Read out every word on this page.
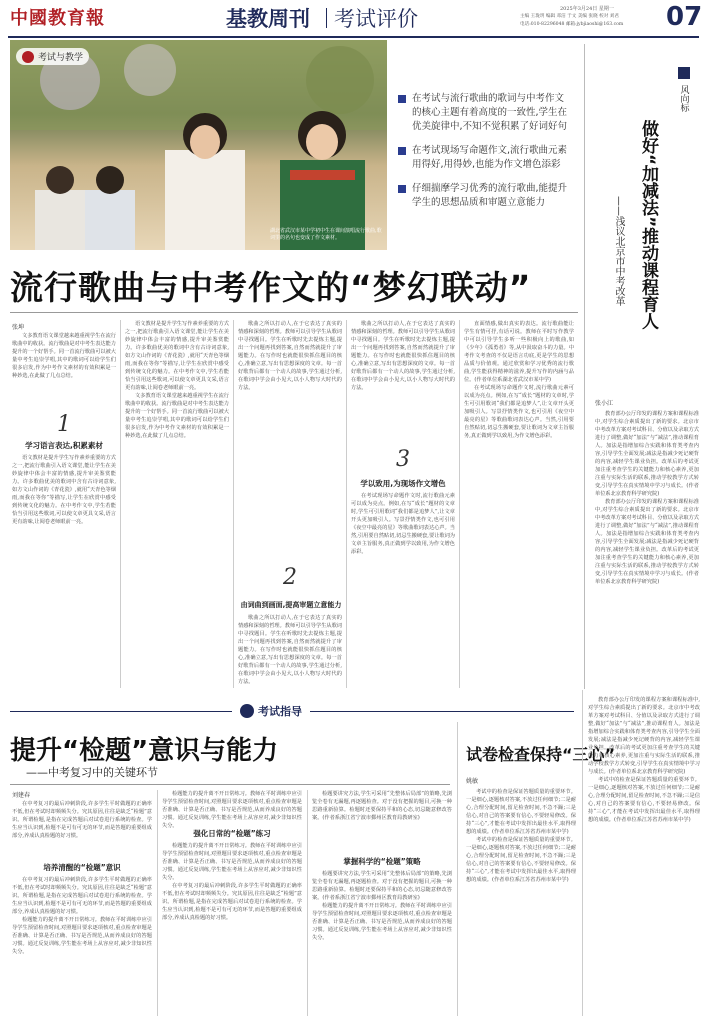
中國教育報	基教周刊 考试评价	2025年3月24日 星期一
主编 王珑玥 编辑 邓洁 于文 美编 张晓 校对 刘君
电话:010-82296048 邮箱:jybjiaoshi@163.com 07
考试与教学
湖北省武汉市某中学初中生在课间演唱流行歌曲,歌词里的名句也变成了作文素材。
在考试与流行歌曲的歌词与中考作文的核心主题有着高度的一致性,学生在优美旋律中,不知不觉积累了好词好句
在考试现场写命题作文,流行歌曲元素用得好,用得妙,也能为作文增色添彩
仔细揣摩学习优秀的流行歌曲,能提升学生的思想品质和审题立意能力
流行歌曲与中考作文的“梦幻联动”
张坤

文多教育语文课堂越来越重视学生在流行歌曲中的收获。流行歌曲是对中考生表达能力提升的一个好帮手。同一首流行歌曲可以被大量中考生追崇学唱,其中的歌词可以给学生们很多启发,作为中考作文素材的有效积累是一种妙选,在此做了几点总结。

1
学习语言表达,积累素材

语文教材是提升学生写作素养重要的方式之一,把流行歌曲引入语文课堂,能让学生在美妙旋律中体会丰富的情感,提升审美鉴赏能力。许多歌曲优美的歌词中含有古诗词意象,如方文山作词的《青花瓷》,就用“天青色等烟雨,而我在等你”等描写,让学生在欣赏中感受到传统文化的魅力。在中考作文中,学生若能恰当引用这些歌词,可以使文章更具文采,语言更有韵味,让阅卷老师眼前一亮。

语文教材是提升学生写作素养重要的方式之一,把流行歌曲引入语文课堂,能让学生在美妙旋律中体会丰富的情感,提升审美鉴赏能力。许多歌曲优美的歌词中含有古诗词意象,如方文山作词的《青花瓷》,就用“天青色等烟雨,而我在等你”等描写,让学生在欣赏中感受到传统文化的魅力。在中考作文中,学生若能恰当引用这些歌词,可以使文章更具文采,语言更有韵味,让阅卷老师眼前一亮。

文多教育语文课堂越来越重视学生在流行歌曲中的收获。流行歌曲是对中考生表达能力提升的一个好帮手。同一首流行歌曲可以被大量中考生追崇学唱,其中的歌词可以给学生们很多启发,作为中考作文素材的有效积累是一种妙选,在此做了几点总结。

歌曲之所以打动人,在于它表达了真实的情感和深刻的哲理。教师可以引导学生从歌词中寻找题目。学生在听歌时先去提炼主题,提出一个问题再找到答案,自然而然就提升了审题能力。在写作时也就能很快抓住题目的核心,准确立意,写出有思想深度的文章。每一首好歌背后都有一个动人的故事,学生通过分析,在歌词中学会由小见大,以小人物写大时代的方法。

2
由词曲到画面,提高审题立意能力

歌曲之所以打动人,在于它表达了真实的情感和深刻的哲理。教师可以引导学生从歌词中寻找题目。学生在听歌时先去提炼主题,提出一个问题再找到答案,自然而然就提升了审题能力。在写作时也就能很快抓住题目的核心,准确立意,写出有思想深度的文章。每一首好歌背后都有一个动人的故事,学生通过分析,在歌词中学会由小见大,以小人物写大时代的方法。

歌曲之所以打动人,在于它表达了真实的情感和深刻的哲理。教师可以引导学生从歌词中寻找题目。学生在听歌时先去提炼主题,提出一个问题再找到答案,自然而然就提升了审题能力。在写作时也就能很快抓住题目的核心,准确立意,写出有思想深度的文章。每一首好歌背后都有一个动人的故事,学生通过分析,在歌词中学会由小见大,以小人物写大时代的方法。

3
学以致用,为现场作文增色

在考试现场写命题作文时,流行歌曲元素可以成为亮点。例如,在写“成长”题材的文章时,学生可引用歌词“我们都是追梦人”,让文章开头更加吸引人。写景抒情类作文,也可引用《夜空中最亮的星》等歌曲歌词表达心声。当然,引用要自然贴切,切忌生搬硬套,要让歌词为文章主旨服务,真正做到学以致用,为作文增色添彩。

直面情感,做出真实的表达。流行歌曲能让学生有情可抒,有话可说。教师在平时写作教学中可以引导学生多听一些积极向上的歌曲,如《少年》《孤勇者》等,从中汲取奋斗的力量。中考作文考查的不仅是语言功底,更是学生的思想品质与价值观。通过欣赏和学习优秀的流行歌曲,学生能获得精神的滋养,提升写作的内涵与品位。(作者单位系湖北省武汉市某中学)

在考试现场写命题作文时,流行歌曲元素可以成为亮点。例如,在写“成长”题材的文章时,学生可引用歌词“我们都是追梦人”,让文章开头更加吸引人。写景抒情类作文,也可引用《夜空中最亮的星》等歌曲歌词表达心声。当然,引用要自然贴切,切忌生搬硬套,要让歌词为文章主旨服务,真正做到学以致用,为作文增色添彩。

风向标
做好“加减法”推动课程育人
——浅议北京市中考改革
张小江

教育部办公厅印发的课程方案和课程标准中,对学生综合素质提出了新的要求。北京市中考改革方案对考试科目、分值以及录取方式进行了调整,做好“加法”与“减法”,推动课程育人。加法是指增加综合实践和体育类考查内容,引导学生全面发展;减法是指减少死记硬背的内容,减轻学生课业负担。改革后的考试更加注重考查学生的关键能力和核心素养,更加注重与实际生活的联系,推动学校教学方式转变,引导学生在真实情境中学习与成长。(作者单位系北京教育科学研究院)

教育部办公厅印发的课程方案和课程标准中,对学生综合素质提出了新的要求。北京市中考改革方案对考试科目、分值以及录取方式进行了调整,做好“加法”与“减法”,推动课程育人。加法是指增加综合实践和体育类考查内容,引导学生全面发展;减法是指减少死记硬背的内容,减轻学生课业负担。改革后的考试更加注重考查学生的关键能力和核心素养,更加注重与实际生活的联系,推动学校教学方式转变,引导学生在真实情境中学习与成长。(作者单位系北京教育科学研究院)

考试指导
提升“检题”意识与能力
——中考复习中的关键环节
刘建春

在中考复习的最后冲刺阶段,许多学生平时做题的正确率不低,但在考试时却频频失分。究其原因,往往是缺乏“检题”意识。所谓检题,是指在完成答题后对试卷进行系统的检查。学生应当认识到,检题不是可有可无的环节,而是答题的重要组成部分,养成认真检题的好习惯。

培养清醒的“检题”意识

在中考复习的最后冲刺阶段,许多学生平时做题的正确率不低,但在考试时却频频失分。究其原因,往往是缺乏“检题”意识。所谓检题,是指在完成答题后对试卷进行系统的检查。学生应当认识到,检题不是可有可无的环节,而是答题的重要组成部分,养成认真检题的好习惯。

检题能力的提升离不开日常练习。教师在平时训练中应引导学生预留检查时间,对照题目要求逐项核对,重点检查审题是否准确、计算是否正确、书写是否规范,从而养成良好的答题习惯。通过反复训练,学生能在考场上从容应对,减少非知识性失分。

检题能力的提升离不开日常练习。教师在平时训练中应引导学生预留检查时间,对照题目要求逐项核对,重点检查审题是否准确、计算是否正确、书写是否规范,从而养成良好的答题习惯。通过反复训练,学生能在考场上从容应对,减少非知识性失分。

强化日常的“检题”练习

检题能力的提升离不开日常练习。教师在平时训练中应引导学生预留检查时间,对照题目要求逐项核对,重点检查审题是否准确、计算是否正确、书写是否规范,从而养成良好的答题习惯。通过反复训练,学生能在考场上从容应对,减少非知识性失分。

在中考复习的最后冲刺阶段,许多学生平时做题的正确率不低,但在考试时却频频失分。究其原因,往往是缺乏“检题”意识。所谓检题,是指在完成答题后对试卷进行系统的检查。学生应当认识到,检题不是可有可无的环节,而是答题的重要组成部分,养成认真检题的好习惯。

检题要讲究方法,学生可采用“先整体后局部”的策略,先浏览全卷有无漏题,再逐题检查。对于没有把握的题目,可换一种思路重新验算。检题时还要保持平和的心态,切忌随意修改答案。(作者系浙江省宁波市鄞州区教育局教研室)

掌握科学的“检题”策略

检题要讲究方法,学生可采用“先整体后局部”的策略,先浏览全卷有无漏题,再逐题检查。对于没有把握的题目,可换一种思路重新验算。检题时还要保持平和的心态,切忌随意修改答案。(作者系浙江省宁波市鄞州区教育局教研室)

检题能力的提升离不开日常练习。教师在平时训练中应引导学生预留检查时间,对照题目要求逐项核对,重点检查审题是否准确、计算是否正确、书写是否规范,从而养成良好的答题习惯。通过反复训练,学生能在考场上从容应对,减少非知识性失分。

试卷检查保持“三心”
姚敏

考试中的检查是保证答题质量的重要环节。一是细心,逐题核对答案,不放过任何细节;二是耐心,合理分配时间,留足检查时间,不急不躁;三是信心,对自己的答案要有信心,不要轻易修改。保持“三心”,才能在考试中发挥出最佳水平,取得理想的成绩。(作者单位系江苏省苏州市某中学)

考试中的检查是保证答题质量的重要环节。一是细心,逐题核对答案,不放过任何细节;二是耐心,合理分配时间,留足检查时间,不急不躁;三是信心,对自己的答案要有信心,不要轻易修改。保持“三心”,才能在考试中发挥出最佳水平,取得理想的成绩。(作者单位系江苏省苏州市某中学)

教育部办公厅印发的课程方案和课程标准中,对学生综合素质提出了新的要求。北京市中考改革方案对考试科目、分值以及录取方式进行了调整,做好“加法”与“减法”,推动课程育人。加法是指增加综合实践和体育类考查内容,引导学生全面发展;减法是指减少死记硬背的内容,减轻学生课业负担。改革后的考试更加注重考查学生的关键能力和核心素养,更加注重与实际生活的联系,推动学校教学方式转变,引导学生在真实情境中学习与成长。(作者单位系北京教育科学研究院)

考试中的检查是保证答题质量的重要环节。一是细心,逐题核对答案,不放过任何细节;二是耐心,合理分配时间,留足检查时间,不急不躁;三是信心,对自己的答案要有信心,不要轻易修改。保持“三心”,才能在考试中发挥出最佳水平,取得理想的成绩。(作者单位系江苏省苏州市某中学)
